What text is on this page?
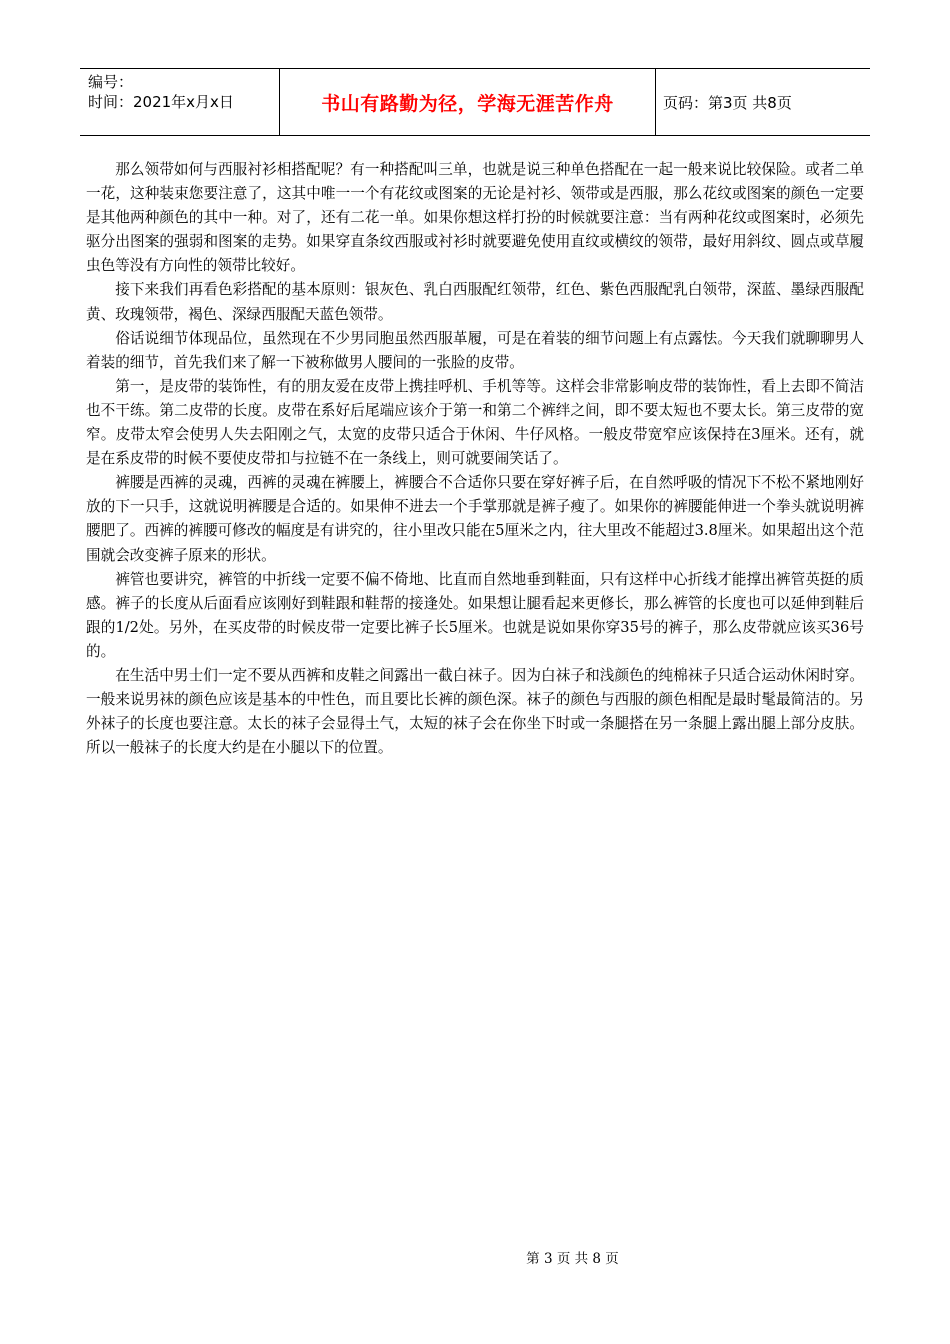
编号：
时间：2021年x月x日	书山有路勤为径，学海无涯苦作舟	页码：第3页 共8页

那么领带如何与西服衬衫相搭配呢？有一种搭配叫三单，也就是说三种单色搭配在一起一般来说比较保险。或者二单一花，这种装束您要注意了，这其中唯一一个有花纹或图案的无论是衬衫、领带或是西服，那么花纹或图案的颜色一定要是其他两种颜色的其中一种。对了，还有二花一单。如果你想这样打扮的时候就要注意：当有两种花纹或图案时，必须先驱分出图案的强弱和图案的走势。如果穿直条纹西服或衬衫时就要避免使用直纹或横纹的领带，最好用斜纹、圆点或草履虫色等没有方向性的领带比较好。

接下来我们再看色彩搭配的基本原则：银灰色、乳白西服配红领带，红色、紫色西服配乳白领带，深蓝、墨绿西服配黄、玫瑰领带，褐色、深绿西服配天蓝色领带。

俗话说细节体现品位，虽然现在不少男同胞虽然西服革履，可是在着装的细节问题上有点露怯。今天我们就聊聊男人着装的细节，首先我们来了解一下被称做男人腰间的一张脸的皮带。

第一，是皮带的装饰性，有的朋友爱在皮带上携挂呼机、手机等等。这样会非常影响皮带的装饰性，看上去即不简洁也不干练。第二皮带的长度。皮带在系好后尾端应该介于第一和第二个裤绊之间，即不要太短也不要太长。第三皮带的宽窄。皮带太窄会使男人失去阳刚之气，太宽的皮带只适合于休闲、牛仔风格。一般皮带宽窄应该保持在3厘米。还有，就是在系皮带的时候不要使皮带扣与拉链不在一条线上，则可就要闹笑话了。

裤腰是西裤的灵魂，西裤的灵魂在裤腰上，裤腰合不合适你只要在穿好裤子后，在自然呼吸的情况下不松不紧地刚好放的下一只手，这就说明裤腰是合适的。如果伸不进去一个手掌那就是裤子瘦了。如果你的裤腰能伸进一个拳头就说明裤腰肥了。西裤的裤腰可修改的幅度是有讲究的，往小里改只能在5厘米之内，往大里改不能超过3.8厘米。如果超出这个范围就会改变裤子原来的形状。

裤管也要讲究，裤管的中折线一定要不偏不倚地、比直而自然地垂到鞋面，只有这样中心折线才能撑出裤管英挺的质感。裤子的长度从后面看应该刚好到鞋跟和鞋帮的接逢处。如果想让腿看起来更修长，那么裤管的长度也可以延伸到鞋后跟的1/2处。另外，在买皮带的时候皮带一定要比裤子长5厘米。也就是说如果你穿35号的裤子，那么皮带就应该买36号的。

在生活中男士们一定不要从西裤和皮鞋之间露出一截白袜子。因为白袜子和浅颜色的纯棉袜子只适合运动休闲时穿。一般来说男袜的颜色应该是基本的中性色，而且要比长裤的颜色深。袜子的颜色与西服的颜色相配是最时髦最简洁的。另外袜子的长度也要注意。太长的袜子会显得土气，太短的袜子会在你坐下时或一条腿搭在另一条腿上露出腿上部分皮肤。所以一般袜子的长度大约是在小腿以下的位置。

第 3 页 共 8 页
